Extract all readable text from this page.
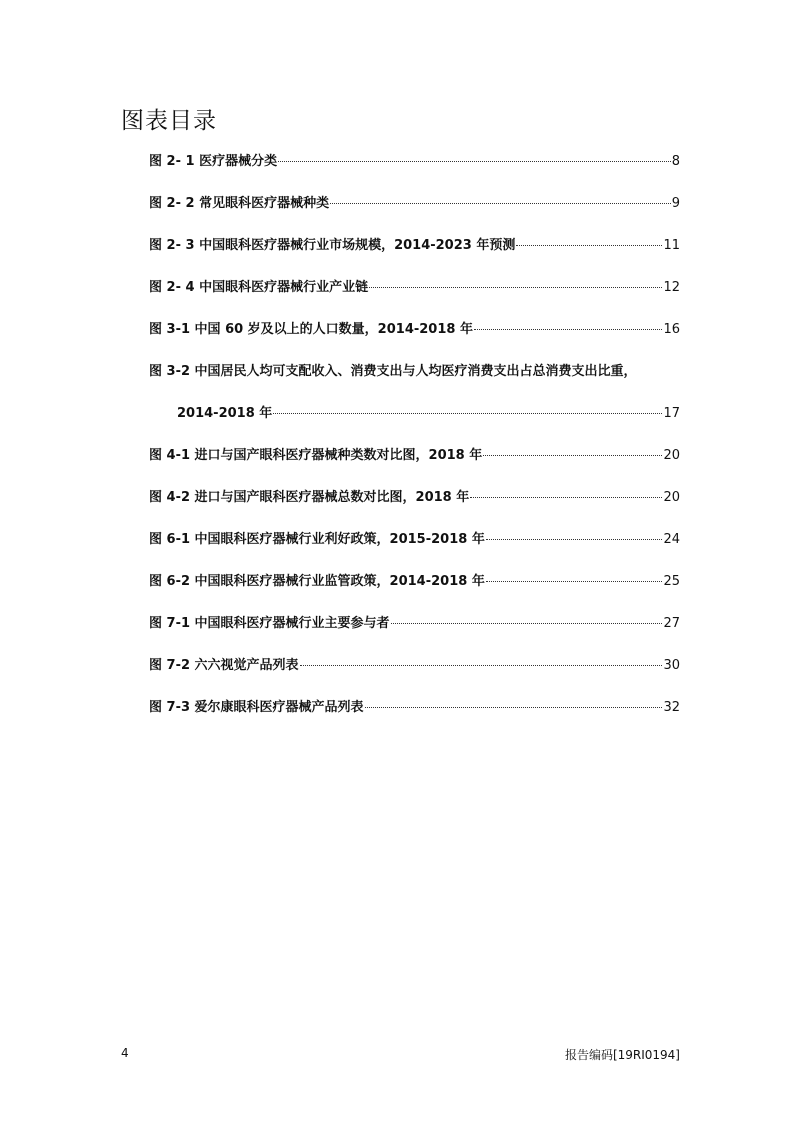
图表目录
图 2- 1 医疗器械分类	8
图 2- 2 常见眼科医疗器械种类	9
图 2- 3 中国眼科医疗器械行业市场规模，2014-2023 年预测	11
图 2- 4 中国眼科医疗器械行业产业链	12
图 3-1 中国 60 岁及以上的人口数量，2014-2018 年	16
图 3-2 中国居民人均可支配收入、消费支出与人均医疗消费支出占总消费支出比重，
2014-2018 年	17
图 4-1 进口与国产眼科医疗器械种类数对比图，2018 年	20
图 4-2 进口与国产眼科医疗器械总数对比图，2018 年	20
图 6-1 中国眼科医疗器械行业利好政策，2015-2018 年	24
图 6-2 中国眼科医疗器械行业监管政策，2014-2018 年	25
图 7-1 中国眼科医疗器械行业主要参与者	27
图 7-2 六六视觉产品列表	30
图 7-3 爱尔康眼科医疗器械产品列表	32
4	报告编码[19RI0194]
